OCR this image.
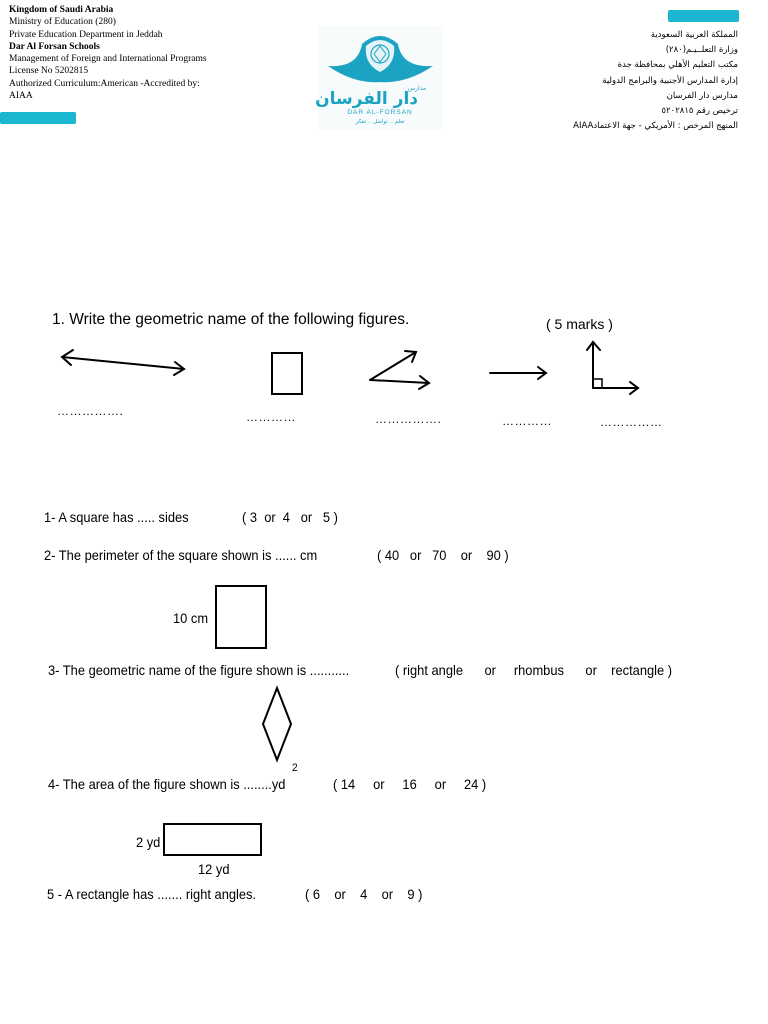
Kingdom of Saudi Arabia
Ministry of Education (280)
Private Education Department in Jeddah
Dar Al Forsan Schools
Management of Foreign and International Programs
License No 5202815
Authorized Curriculum:American -Accredited by:
AIAA
المملكة العربية السعودية
وزارة التعلــيـم(٢٨٠)
مكتب التعليم الأهلي بمحافظة جدة
إدارة المدارس الأجنبية والبرامج الدولية
مدارس دار الفرسان
ترخيص رقم ٥٢٠٢٨١٥
المنهج المرخص : الأمريكي - جهة الاعتمادAIAA
دار الفرسان
مدارس
DAR AL-FORSAN
تعلم .. تواصل .. تفكر
1. Write the geometric name of the following figures.	( 5 marks )
…………….	…………	…………….	…………	……………
1- A square has ..... sides	( 3  or  4   or   5 )
2- The perimeter of the square shown is ...... cm	( 40   or   70    or    90 )
10 cm
3- The geometric name of the figure shown is ...........	( right angle      or     rhombus      or    rectangle )
4- The area of the figure shown is ........yd
2
( 14     or     16     or     24 )
2 yd
12 yd
5 - A rectangle has ....... right angles.	( 6    or    4    or    9 )
